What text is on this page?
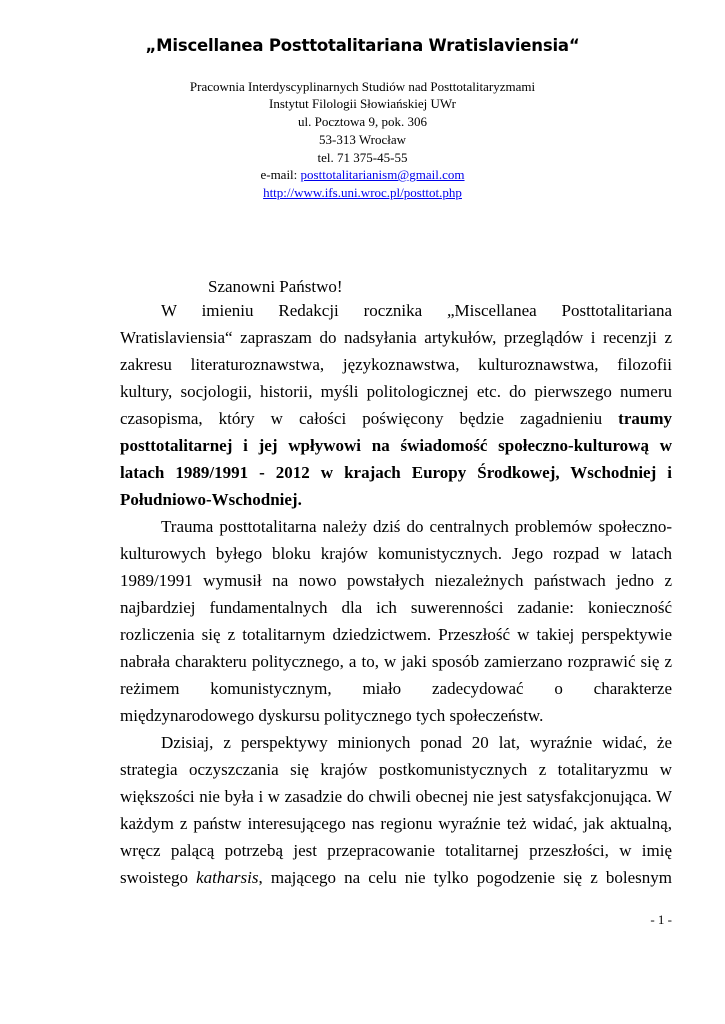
„Miscellanea Posttotalitariana Wratislaviensia“
Pracownia Interdyscyplinarnych Studiów nad Posttotalitaryzmami
Instytut Filologii Słowiańskiej UWr
ul. Pocztowa 9, pok. 306
53-313 Wrocław
tel. 71 375-45-55
e-mail: posttotalitarianism@gmail.com
http://www.ifs.uni.wroc.pl/posttot.php
Szanowni Państwo!
W imieniu Redakcji rocznika „Miscellanea Posttotalitariana
Wratislaviensia“ zapraszam do nadsyłania artykułów, przeglądów i recenzji z
zakresu literaturoznawstwa, językoznawstwa, kulturoznawstwa, filozofii
kultury, socjologii, historii, myśli politologicznej etc. do pierwszego numeru
czasopisma, który w całości poświęcony będzie zagadnieniu traumy
posttotalitarnej i jej wpływowi na świadomość społeczno-kulturową w
latach 1989/1991 - 2012 w krajach Europy Środkowej, Wschodniej i
Południowo-Wschodniej.
Trauma posttotalitarna należy dziś do centralnych problemów społeczno-
kulturowych byłego bloku krajów komunistycznych. Jego rozpad w latach
1989/1991 wymusił na nowo powstałych niezależnych państwach jedno z
najbardziej fundamentalnych dla ich suwerenności zadanie: konieczność
rozliczenia się z totalitarnym dziedzictwem. Przeszłość w takiej perspektywie
nabrała charakteru politycznego, a to, w jaki sposób zamierzano rozprawić się z
reżimem komunistycznym, miało zadecydować o charakterze
międzynarodowego dyskursu politycznego tych społeczeństw.
Dzisiaj, z perspektywy minionych ponad 20 lat, wyraźnie widać, że
strategia oczyszczania się krajów postkomunistycznych z totalitaryzmu w
większości nie była i w zasadzie do chwili obecnej nie jest satysfakcjonująca. W
każdym z państw interesującego nas regionu wyraźnie też widać, jak aktualną,
wręcz palącą potrzebą jest przepracowanie totalitarnej przeszłości, w imię
swoistego katharsis, mającego na celu nie tylko pogodzenie się z bolesnym
- 1 -
